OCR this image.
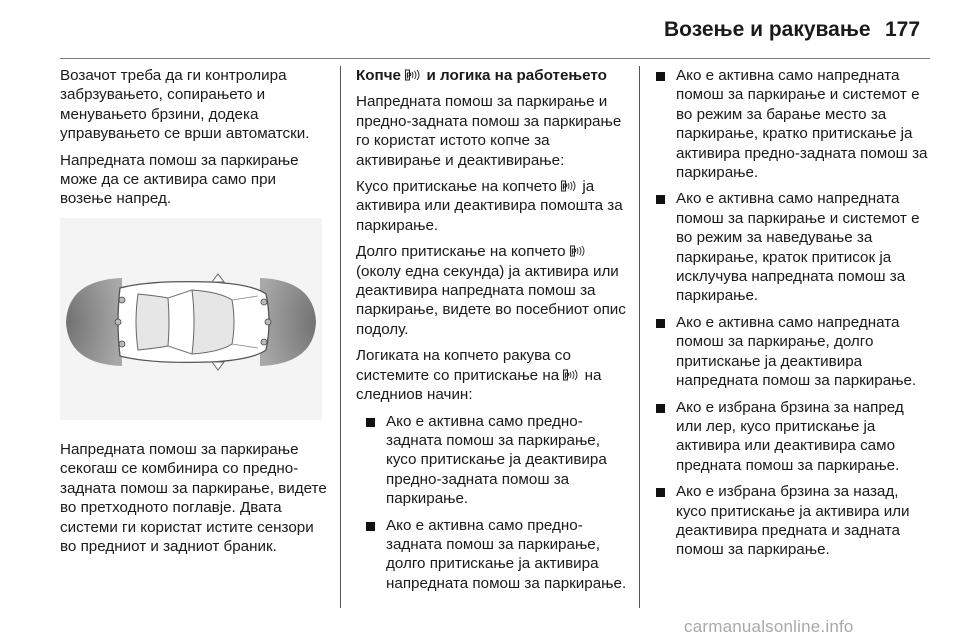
Возење и ракување 177

Возачот треба да ги контролира забрзувањето, сопирањето и менувањето брзини, додека управувањето се врши автоматски.

Напредната помош за паркирање може да се активира само при возење напред.

Напредната помош за паркирање секогаш се комбинира со предно-задната помош за паркирање, видете во претходното поглавје. Двата системи ги користат истите сензори во предниот и задниот браник.

Копче P и логика на работењето

Напредната помош за паркирање и предно-задната помош за паркирање го користат истото копче за активирање и деактивирање:

Кусо притискање на копчето P ја активира или деактивира помошта за паркирање.

Долго притискање на копчето P
(околу една секунда) ја активира или деактивира напредната помош за паркирање, видете во посебниот опис подолу.

Логиката на копчето ракува со системите со притискање на P на следниов начин:

Ако е активна само предно-задната помош за паркирање, кусо притискање ја деактивира предно-задната помош за паркирање.
Ако е активна само предно-задната помош за паркирање, долго притискање ја активира напредната помош за паркирање.
Ако е активна само напредната помош за паркирање и системот е во режим за барање место за паркирање, кратко притискање ја активира предно-задната помош за паркирање.
Ако е активна само напредната помош за паркирање и системот е во режим за наведување за паркирање, краток притисок ја исклучува напредната помош за паркирање.
Ако е активна само напредната помош за паркирање, долго притискање ја деактивира напредната помош за паркирање.
Ако е избрана брзина за напред или лер, кусо притискање ја активира или деактивира само предната помош за паркирање.
Ако е избрана брзина за назад, кусо притискање ја активира или деактивира предната и задната помош за паркирање.
carmanualsonline.info
